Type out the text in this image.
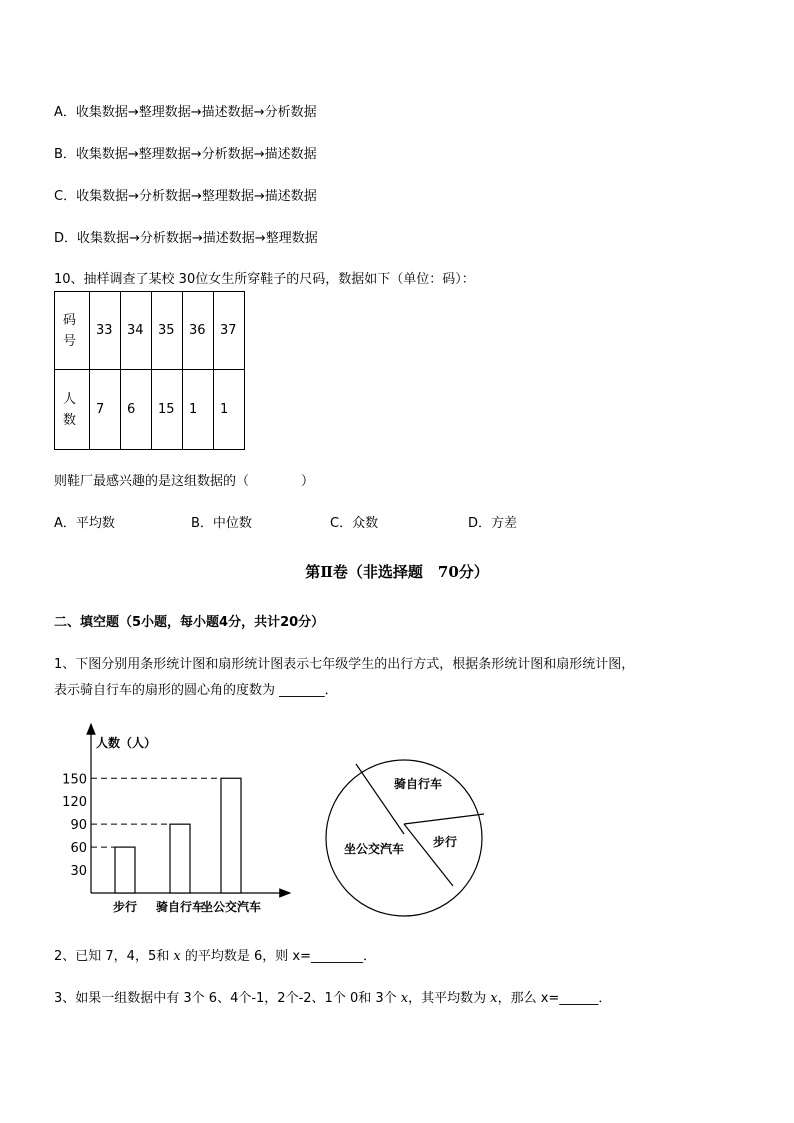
A．收集数据→整理数据→描述数据→分析数据
B．收集数据→整理数据→分析数据→描述数据
C．收集数据→分析数据→整理数据→描述数据
D．收集数据→分析数据→描述数据→整理数据
10、抽样调查了某校 30位女生所穿鞋子的尺码，数据如下（单位：码）：
码
号	33	34	35	36	37
人
数	7	6	15	1	1
则鞋厂最感兴趣的是这组数据的（　　　　）
A．平均数	B．中位数	C．众数	D．方差
第Ⅱ卷（非选择题　70分）
二、填空题（5小题，每小题4分，共计20分）
1、下图分别用条形统计图和扇形统计图表示七年级学生的出行方式，根据条形统计图和扇形统计图，
表示骑自行车的扇形的圆心角的度数为 _______．
人数（人）
30
60
90
120
150
步行 骑自行车
坐公交汽车
骑自行车
步行
坐公交汽车
2、已知 7，4，5和 x 的平均数是 6，则 x=________．
3、如果一组数据中有 3个 6、4个-1，2个-2、1个 0和 3个 x，其平均数为 x，那么 x=______．
